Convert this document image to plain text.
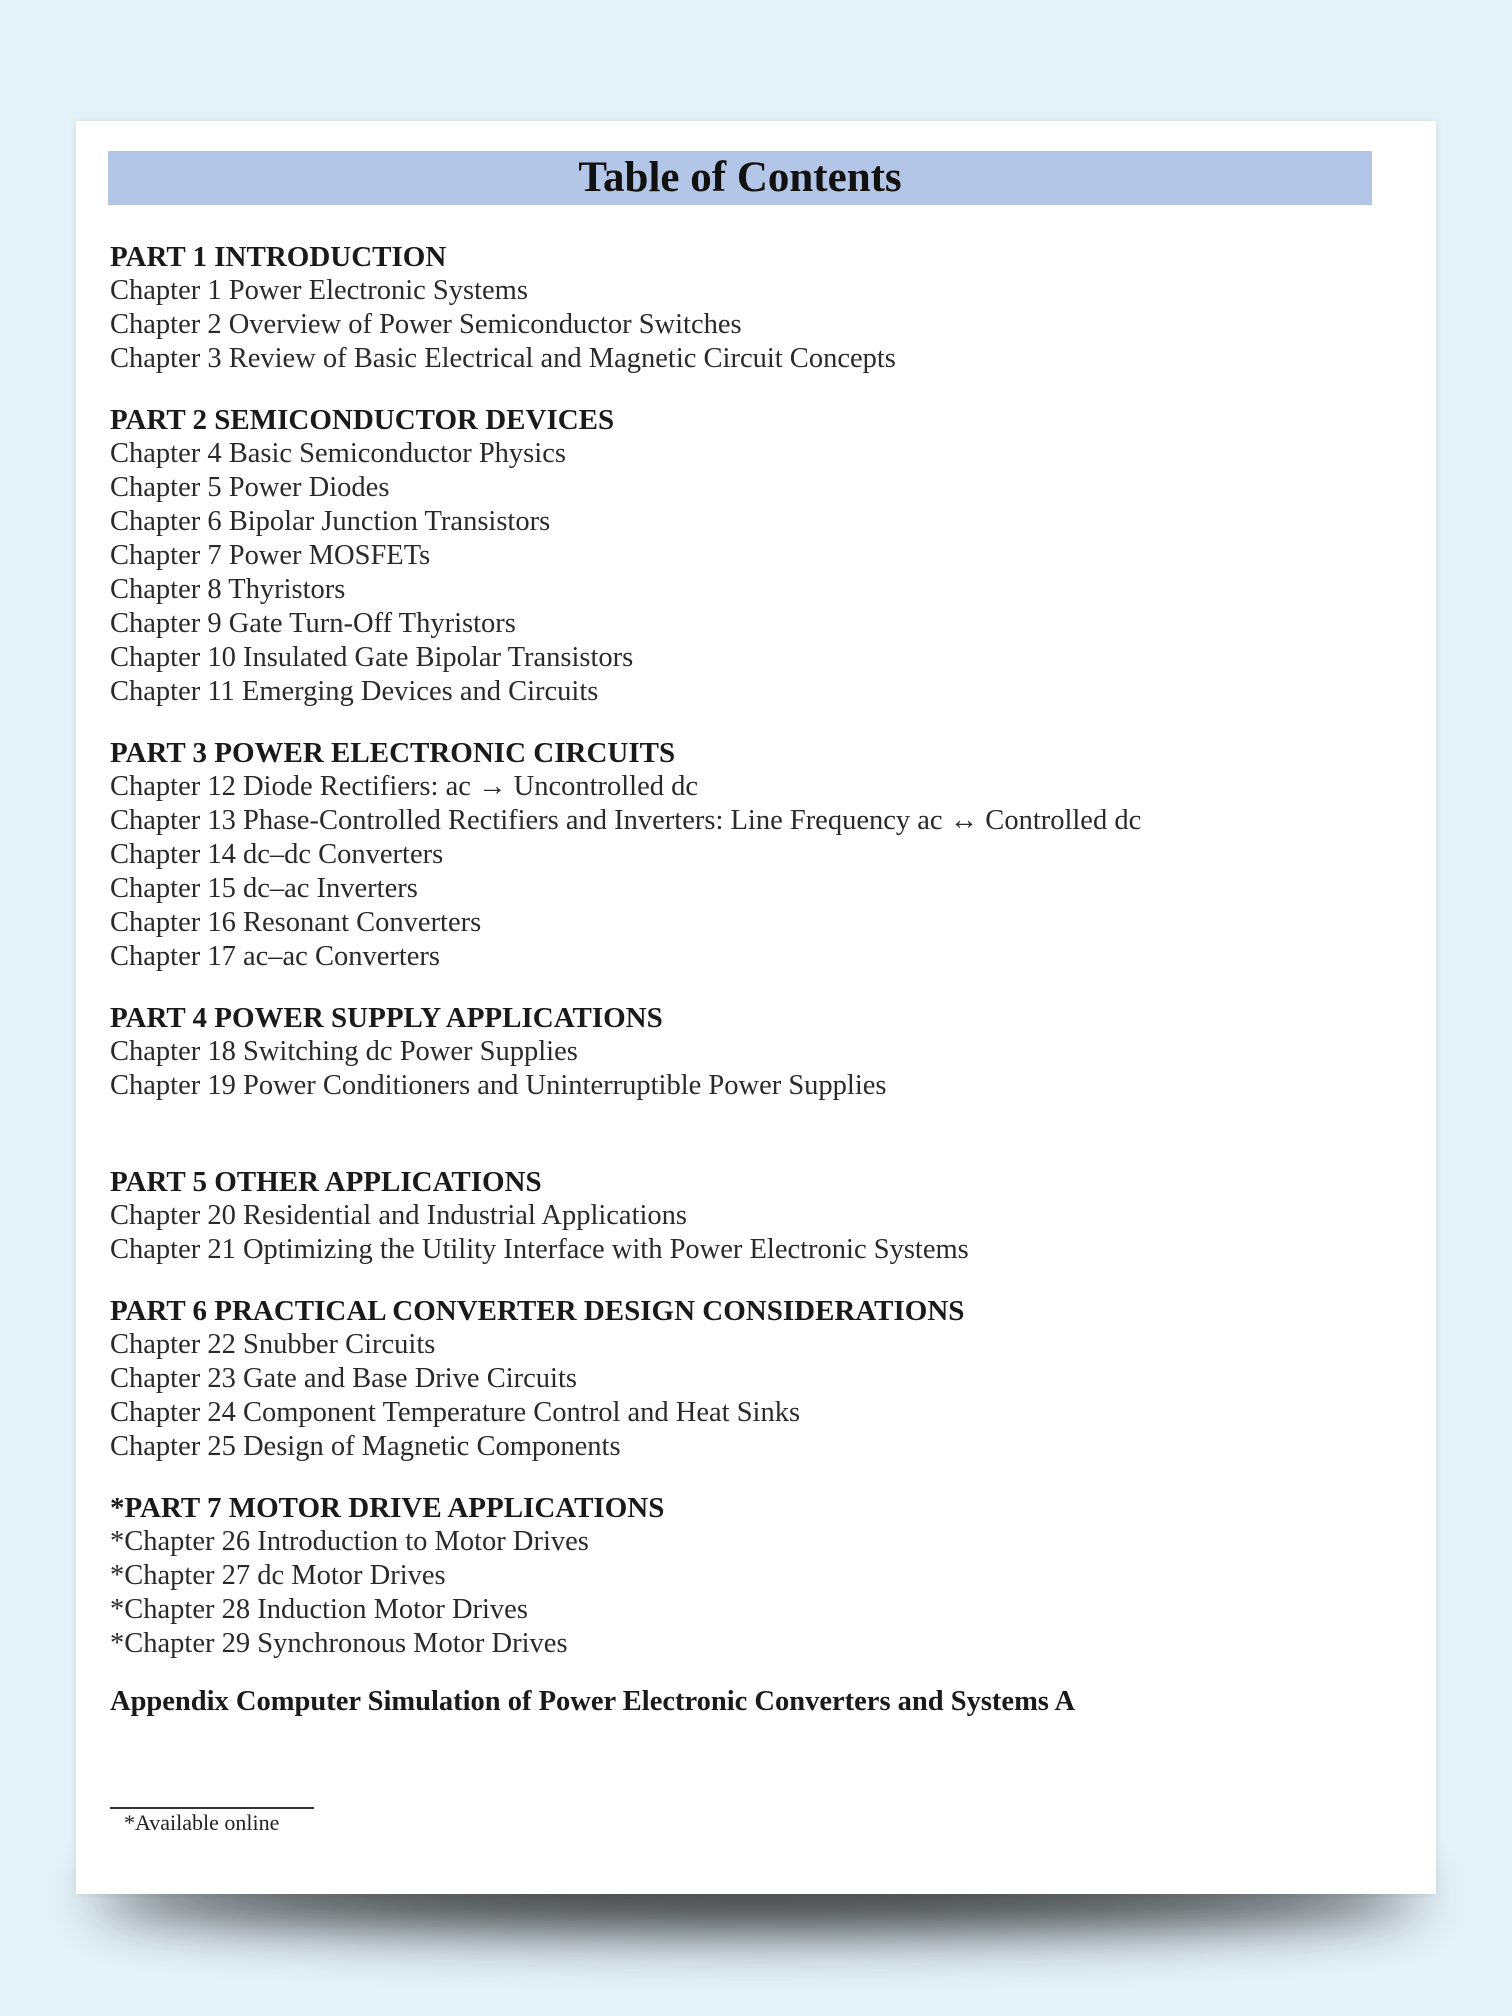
Table of Contents
PART 1 INTRODUCTION
Chapter 1 Power Electronic Systems
Chapter 2 Overview of Power Semiconductor Switches
Chapter 3 Review of Basic Electrical and Magnetic Circuit Concepts
PART 2 SEMICONDUCTOR DEVICES
Chapter 4 Basic Semiconductor Physics
Chapter 5 Power Diodes
Chapter 6 Bipolar Junction Transistors
Chapter 7 Power MOSFETs
Chapter 8 Thyristors
Chapter 9 Gate Turn-Off Thyristors
Chapter 10 Insulated Gate Bipolar Transistors
Chapter 11 Emerging Devices and Circuits
PART 3 POWER ELECTRONIC CIRCUITS
Chapter 12 Diode Rectifiers: ac → Uncontrolled dc
Chapter 13 Phase-Controlled Rectifiers and Inverters: Line Frequency ac ↔ Controlled dc
Chapter 14 dc–dc Converters
Chapter 15 dc–ac Inverters
Chapter 16 Resonant Converters
Chapter 17 ac–ac Converters
PART 4 POWER SUPPLY APPLICATIONS
Chapter 18 Switching dc Power Supplies
Chapter 19 Power Conditioners and Uninterruptible Power Supplies
PART 5 OTHER APPLICATIONS
Chapter 20 Residential and Industrial Applications
Chapter 21 Optimizing the Utility Interface with Power Electronic Systems
PART 6 PRACTICAL CONVERTER DESIGN CONSIDERATIONS
Chapter 22 Snubber Circuits
Chapter 23 Gate and Base Drive Circuits
Chapter 24 Component Temperature Control and Heat Sinks
Chapter 25 Design of Magnetic Components
*PART 7 MOTOR DRIVE APPLICATIONS
*Chapter 26 Introduction to Motor Drives
*Chapter 27 dc Motor Drives
*Chapter 28 Induction Motor Drives
*Chapter 29 Synchronous Motor Drives
Appendix Computer Simulation of Power Electronic Converters and Systems A
*Available online
